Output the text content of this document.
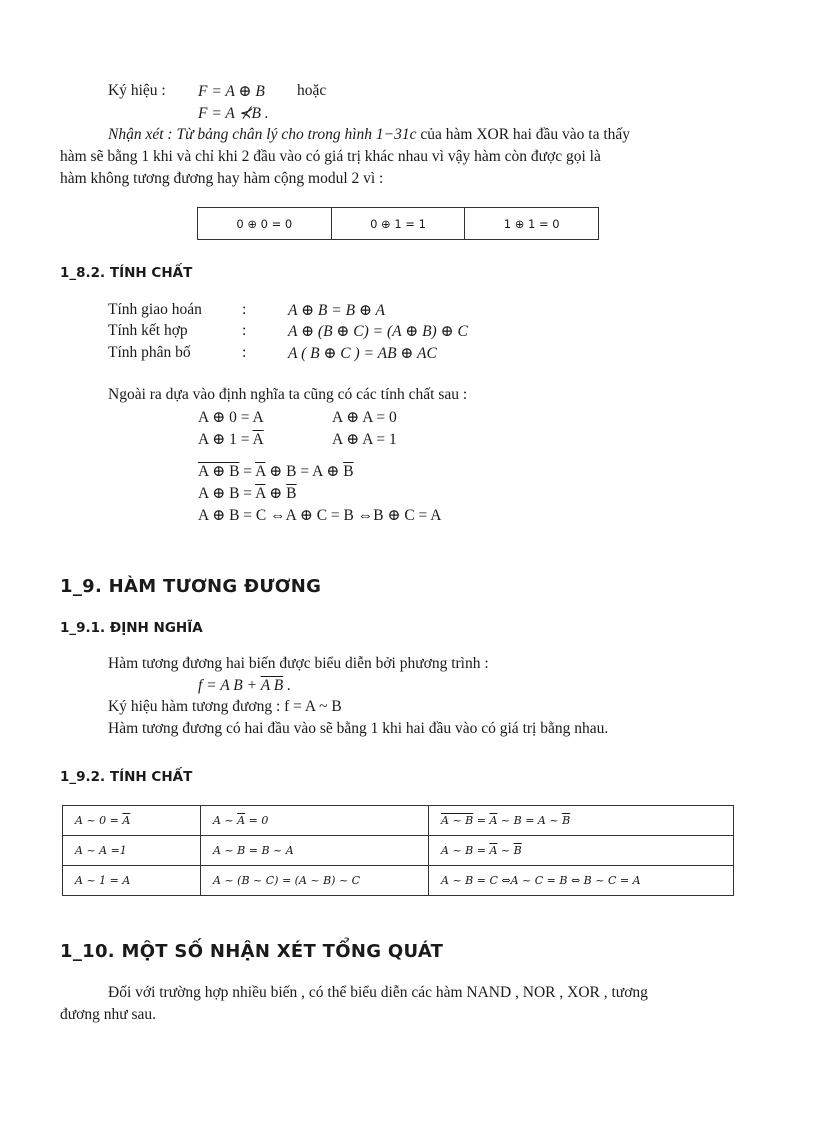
Ký hiệu : F = A ⊕ B hoặc
F = A ⊀B .
Nhận xét : Từ bảng chân lý cho trong hình 1−31c của hàm XOR hai đầu vào ta thấy
hàm sẽ bằng 1 khi và chỉ khi 2 đầu vào có giá trị khác nhau vì vậy hàm còn được gọi là
hàm không tương đương hay hàm cộng modul 2 vì :
0 ⊕ 0 = 0	0 ⊕ 1 = 1	1 ⊕ 1 = 0
1_8.2. TÍNH CHẤT
Tính giao hoán	:	A ⊕ B = B ⊕ A
Tính kết hợp	:	A ⊕ (B ⊕ C) = (A ⊕ B) ⊕ C
Tính phân bố	:	A ( B ⊕ C ) = AB ⊕ AC
Ngoài ra dựa vào định nghĩa ta cũng có các tính chất sau :
A ⊕ 0 = A	A ⊕ A = 0
A ⊕ $1 = \overline{A}$	A ⊕ A = 1
A ⊕ $B = \overline{A}$ ⊕ B = A ⊕ $\overline{B}$
A ⊕ $B = \overline{A}$ ⊕ $\overline{B}$
A ⊕ B = C ⇔A ⊕ C = B ⇔B ⊕ C = A
1_9. HÀM TƯƠNG ĐƯƠNG
1_9.1. ĐỊNH NGHĨA
Hàm tương đương hai biến được biểu diễn bởi phương trình :
f = A B + A B .
Ký hiệu hàm tương đương : f = A ~ B
Hàm tương đương có hai đầu vào sẽ bằng 1 khi hai đầu vào có giá trị bằng nhau.
1_9.2. TÍNH CHẤT
A ~ $0 = \overline{A}$	A ~ $\overline{A} = 0$	A ~ $B = \overline{A}$ ~ B = A ~ $\overline{B}$
A ~ A =1	A ~ B = B ~ A	A ~ $B = \overline{A}$ ~ $\overline{B}$
A ~ 1 = A	A ~ (B ~ C) = (A ~ B) ~ C	A ~ B = C ⇔A ~ C = B ⇔ B ~ C = A
1_10. MỘT SỐ NHẬN XÉT TỔNG QUÁT
Đối với trường hợp nhiều biến , có thể biểu diễn các hàm NAND , NOR , XOR , tương
đương như sau.
